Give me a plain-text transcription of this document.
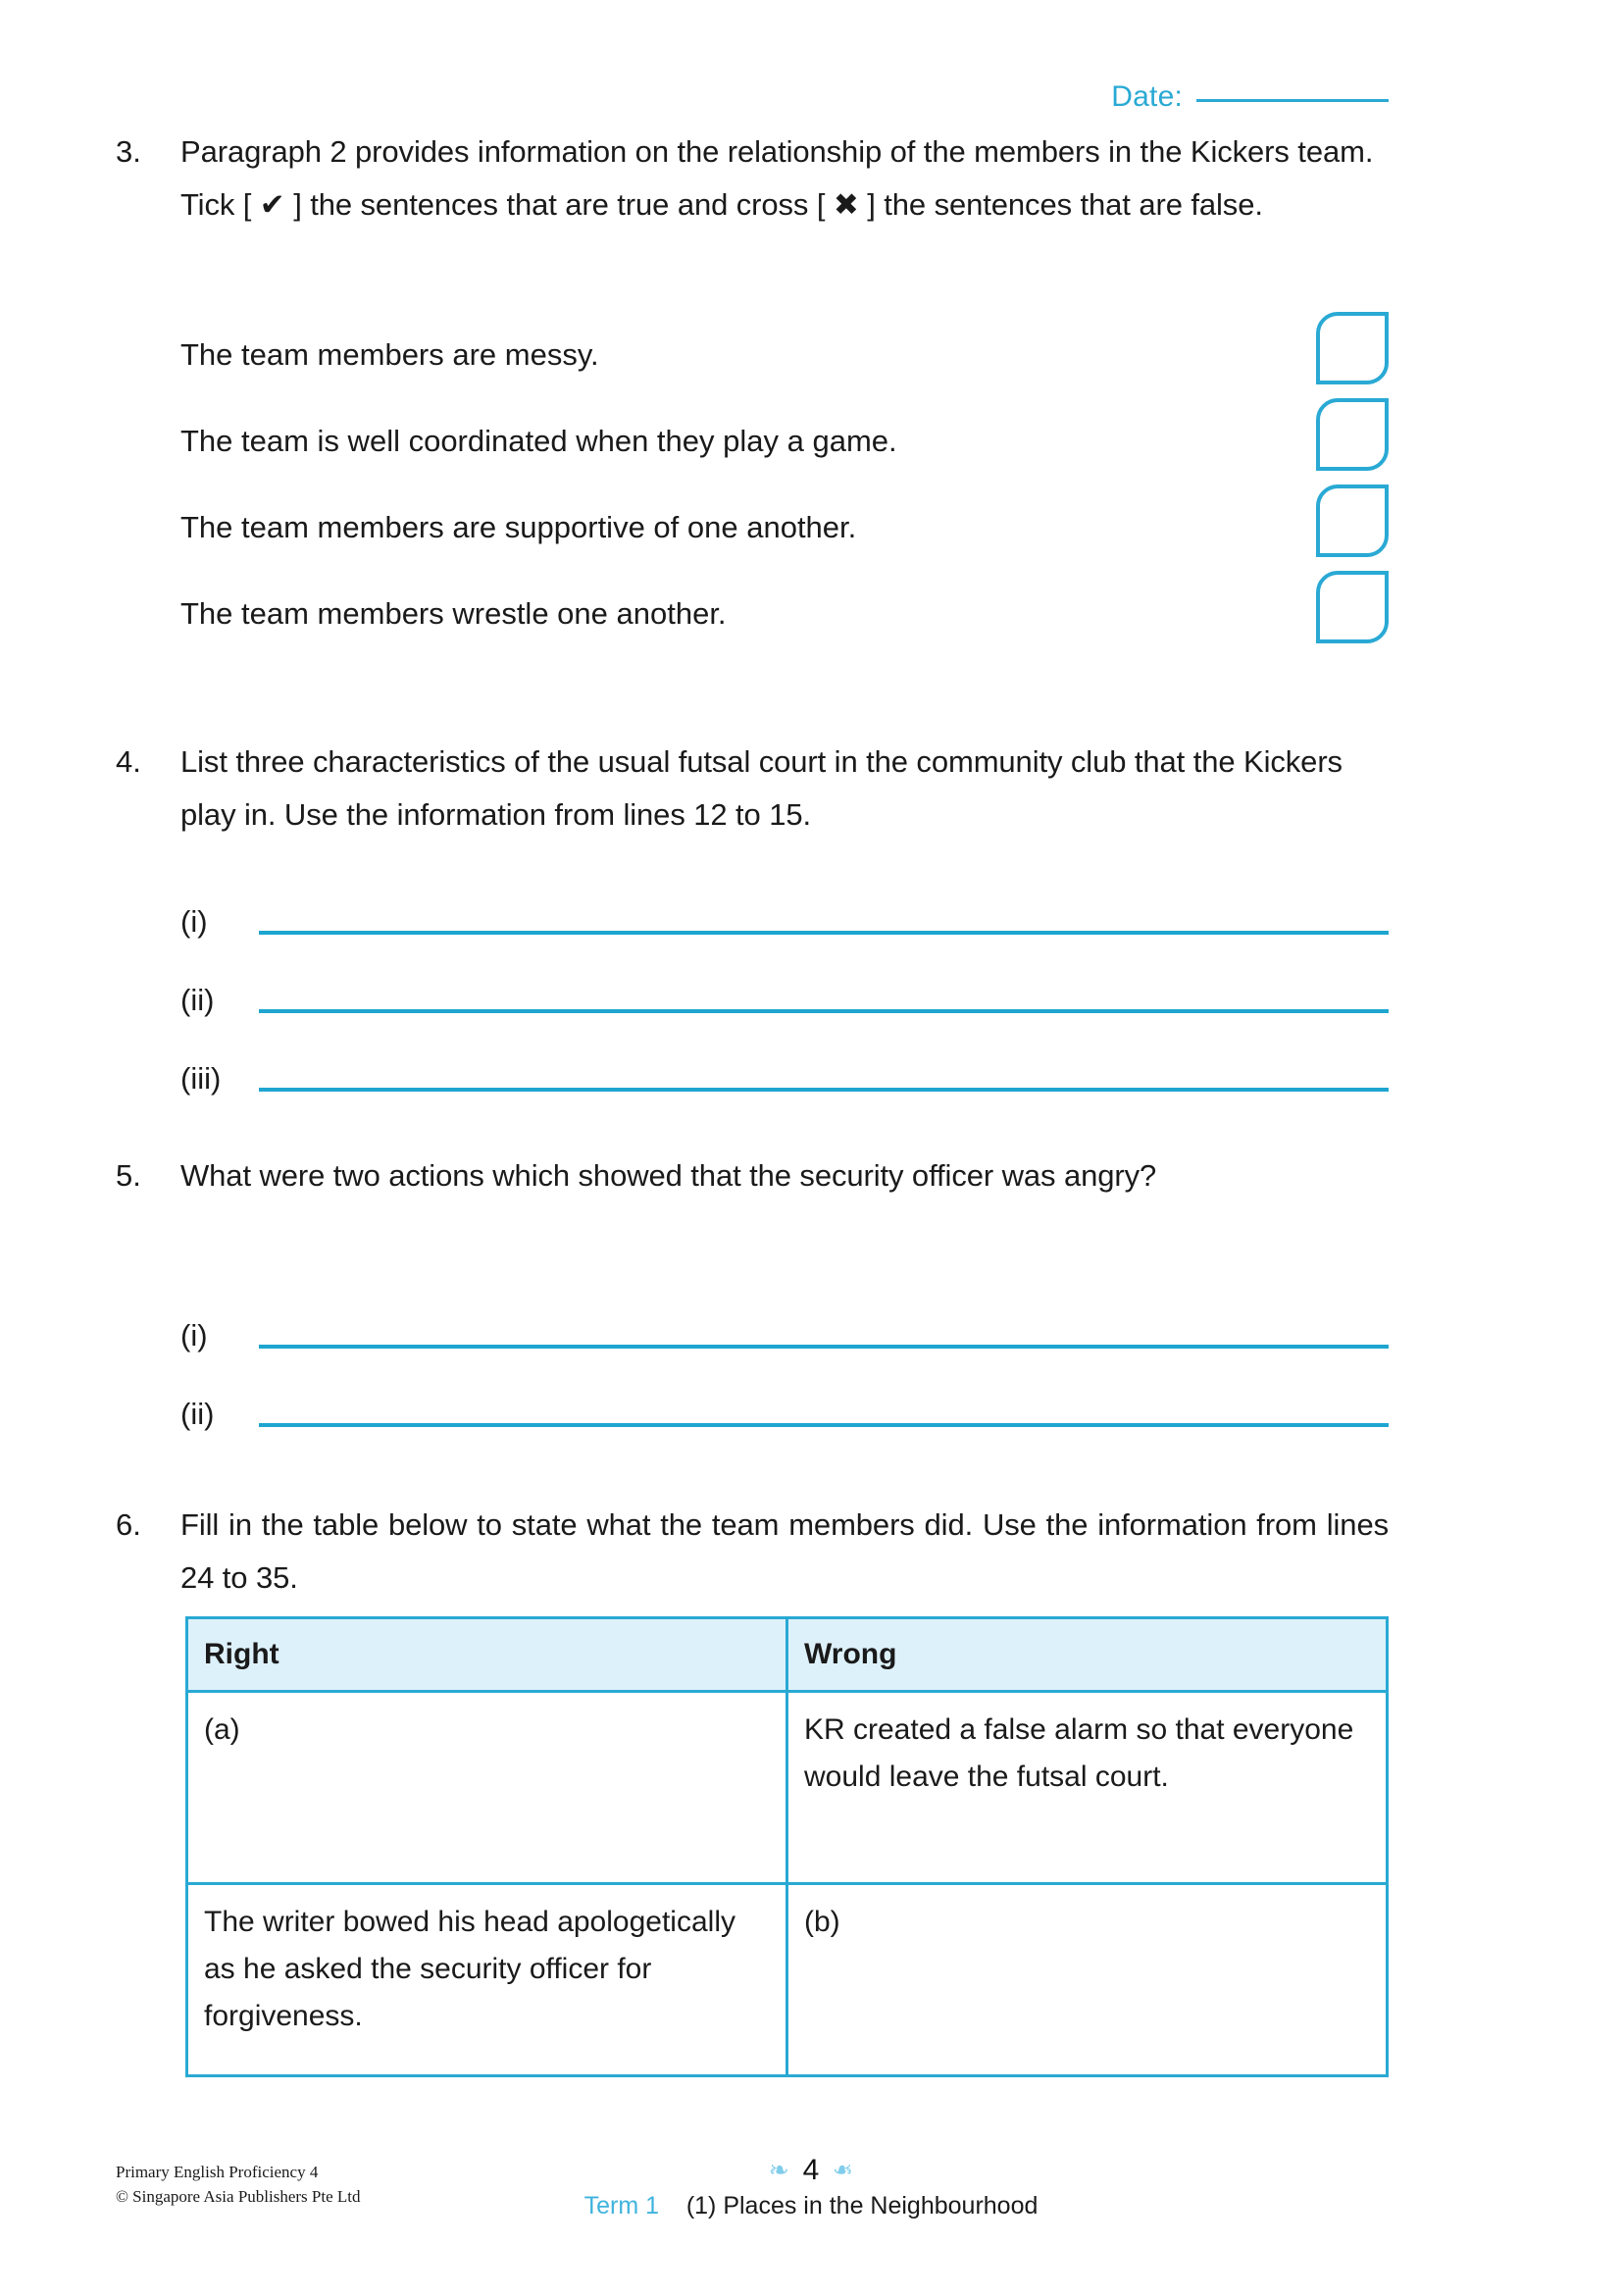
Date:
3.	Paragraph 2 provides information on the relationship of the members in the Kickers team. Tick [ ✔ ] the sentences that are true and cross [ ✖ ] the sentences that are false.
The team members are messy.
The team is well coordinated when they play a game.
The team members are supportive of one another.
The team members wrestle one another.
4.	List three characteristics of the usual futsal court in the community club that the Kickers play in. Use the information from lines 12 to 15.
(i)
(ii)
(iii)
5.	What were two actions which showed that the security officer was angry?
(i)
(ii)
6.	Fill in the table below to state what the team members did. Use the information from lines 24 to 35.
Right	Wrong
(a)	KR created a false alarm so that everyone would leave the futsal court.
The writer bowed his head apologetically as he asked the security officer for forgiveness.	(b)
Primary English Proficiency 4
© Singapore Asia Publishers Pte Ltd
❧ 4 ❧
Term 1 (1) Places in the Neighbourhood
